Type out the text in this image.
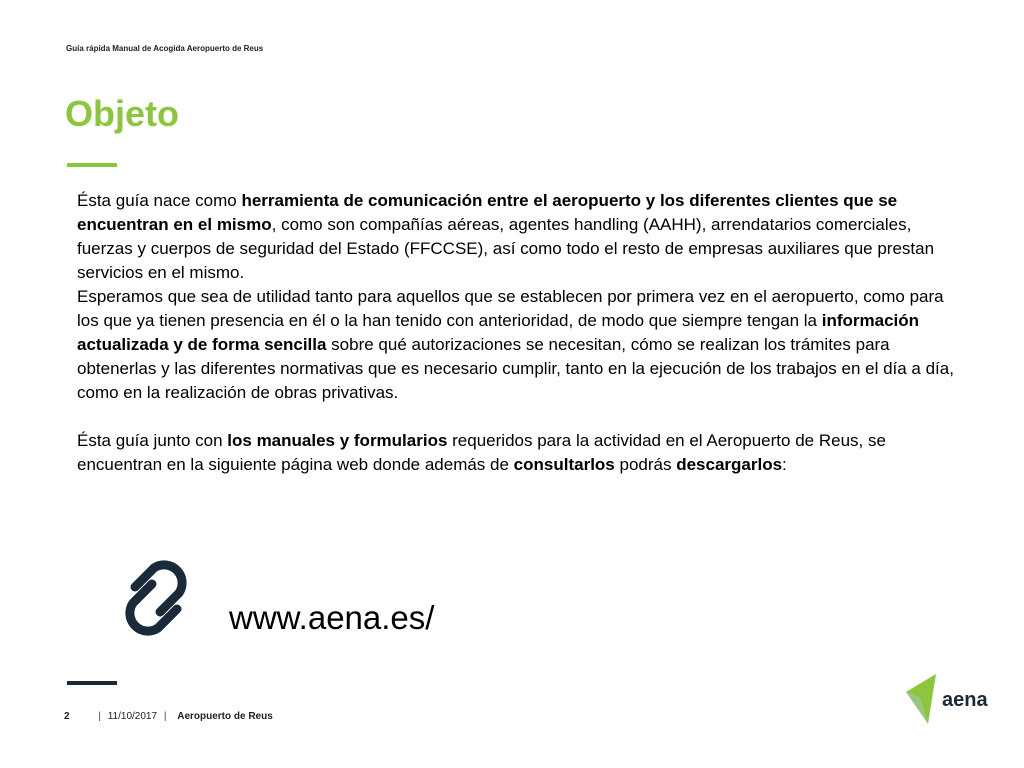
Guía rápida Manual de Acogida Aeropuerto de Reus
Objeto

Ésta guía nace como herramienta de comunicación entre el aeropuerto y los diferentes clientes que se encuentran en el mismo, como son compañías aéreas, agentes handling (AAHH), arrendatarios comerciales, fuerzas y cuerpos de seguridad del Estado (FFCCSE), así como todo el resto de empresas auxiliares que prestan servicios en el mismo.

Esperamos que sea de utilidad tanto para aquellos que se establecen por primera vez en el aeropuerto, como para los que ya tienen presencia en él o la han tenido con anterioridad, de modo que siempre tengan la información actualizada y de forma sencilla sobre qué autorizaciones se necesitan, cómo se realizan los trámites para obtenerlas y las diferentes normativas que es necesario cumplir, tanto en la ejecución de los trabajos en el día a día, como en la realización de obras privativas.

Ésta guía junto con los manuales y formularios requeridos para la actividad en el Aeropuerto de Reus, se encuentran en la siguiente página web donde además de consultarlos podrás descargarlos:

www.aena.es/
2	| 11/10/2017 | Aeropuerto de Reus
aena
